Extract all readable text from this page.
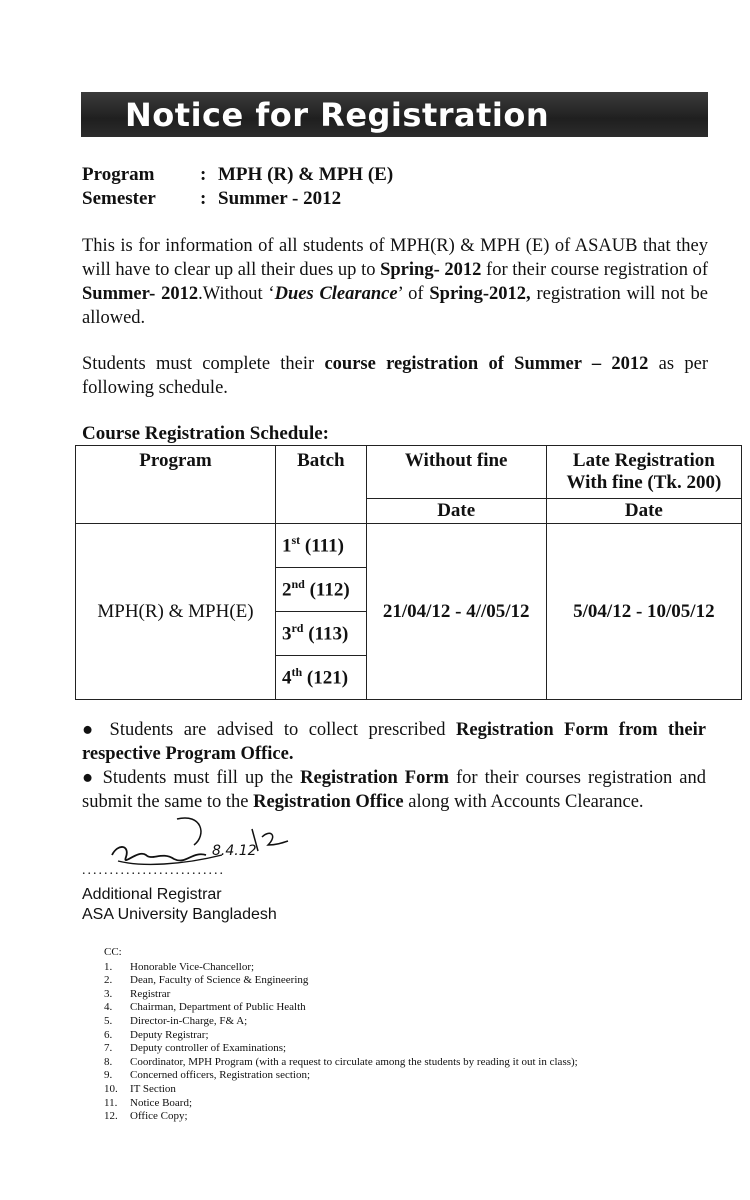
Notice for Registration
Program	: MPH (R) & MPH (E)
Semester	: Summer - 2012
This is for information of all students of MPH(R) & MPH (E) of ASAUB that they will have to clear up all their dues up to Spring- 2012 for their course registration of Summer- 2012.Without ‘Dues Clearance’ of Spring-2012, registration will not be allowed.
Students must complete their course registration of Summer – 2012 as per following schedule.
Course Registration Schedule:
Program	Batch	Without fine	Late Registration
With fine (Tk. 200)
		Date	Date
MPH(R) & MPH(E)	1st (111)	21/04/12 - 4//05/12	5/04/12 - 10/05/12
	2nd (112)		
	3rd (113)		
	4th (121)		

● Students are advised to collect prescribed Registration Form from their respective Program Office.

● Students must fill up the Registration Form for their courses registration and submit the same to the Registration Office along with Accounts Clearance.

8.4.12
..........................
Additional Registrar
ASA University Bangladesh
CC:
1.	Honorable Vice-Chancellor;
2.	Dean, Faculty of Science & Engineering
3.	Registrar
4.	Chairman, Department of Public Health
5.	Director-in-Charge, F& A;
6.	Deputy Registrar;
7.	Deputy controller of Examinations;
8.	Coordinator, MPH Program (with a request to circulate among the students by reading it out in class);
9.	Concerned officers, Registration section;
10.	IT Section
11.	Notice Board;
12.	Office Copy;
